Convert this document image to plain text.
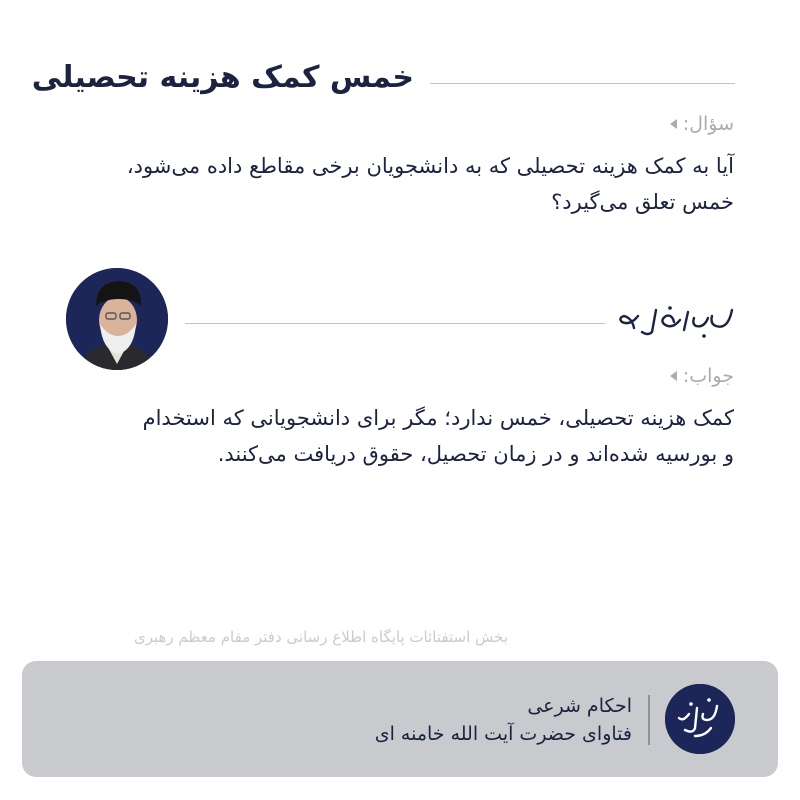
خمس کمک هزینه تحصیلی
سؤال:
آیا به کمک هزینه تحصیلی که به دانشجویان برخی مقاطع داده می‌شود،
خمس تعلق می‌گیرد؟
جواب:
کمک هزینه تحصیلی، خمس ندارد؛ مگر برای دانشجویانی که استخدام
و بورسیه شده‌اند و در زمان تحصیل، حقوق دریافت می‌کنند.
بخش استفتائات پایگاه اطلاع رسانی دفتر مقام معظم رهبری
احکام شرعی
فتاوای حضرت آیت الله خامنه ای
